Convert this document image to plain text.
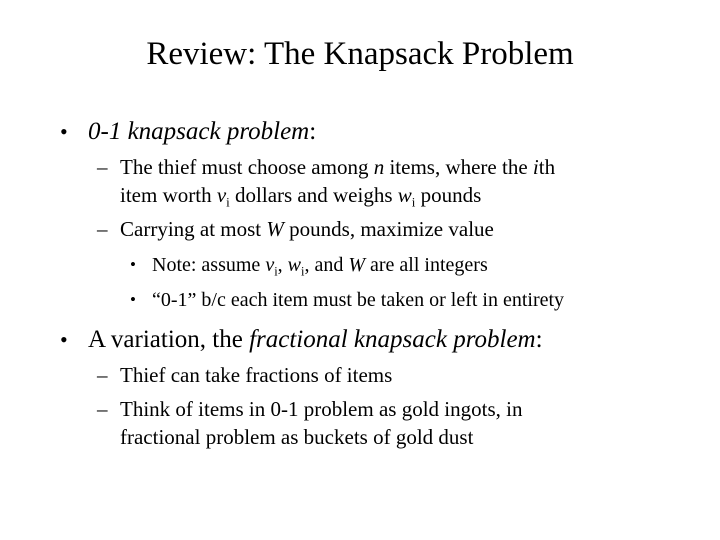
Review: The Knapsack Problem
• 0-1 knapsack problem:
– The thief must choose among n items, where the ith
item worth $v_i$ dollars and weighs $w_i$ pounds
– Carrying at most W pounds, maximize value
• Note: assume $v_i$, $w_i$, and W are all integers
• “0-1” b/c each item must be taken or left in entirety
• A variation, the fractional knapsack problem:
– Thief can take fractions of items
– Think of items in 0-1 problem as gold ingots, in
fractional problem as buckets of gold dust
